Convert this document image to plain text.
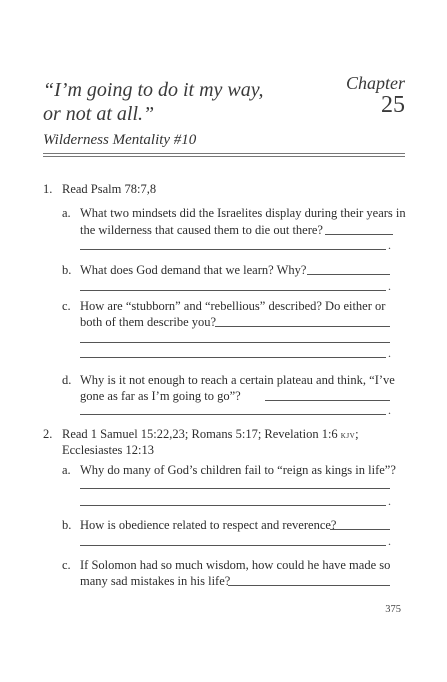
“I’m going to do it my way,
or not at all.”
Chapter
25
Wilderness Mentality #10
1. Read Psalm 78:7,8
a. What two mindsets did the Israelites display during their years in
the wilderness that caused them to die out there?
.
b. What does God demand that we learn? Why?
.
c. How are “stubborn” and “rebellious” described? Do either or
both of them describe you?
.
d. Why is it not enough to reach a certain plateau and think, “I’ve
gone as far as I’m going to go”?
.
2. Read 1 Samuel 15:22,23; Romans 5:17; Revelation 1:6 kjv;
Ecclesiastes 12:13
a. Why do many of God’s children fail to “reign as kings in life”?
.
b. How is obedience related to respect and reverence?
.
c. If Solomon had so much wisdom, how could he have made so
many sad mistakes in his life?
375
